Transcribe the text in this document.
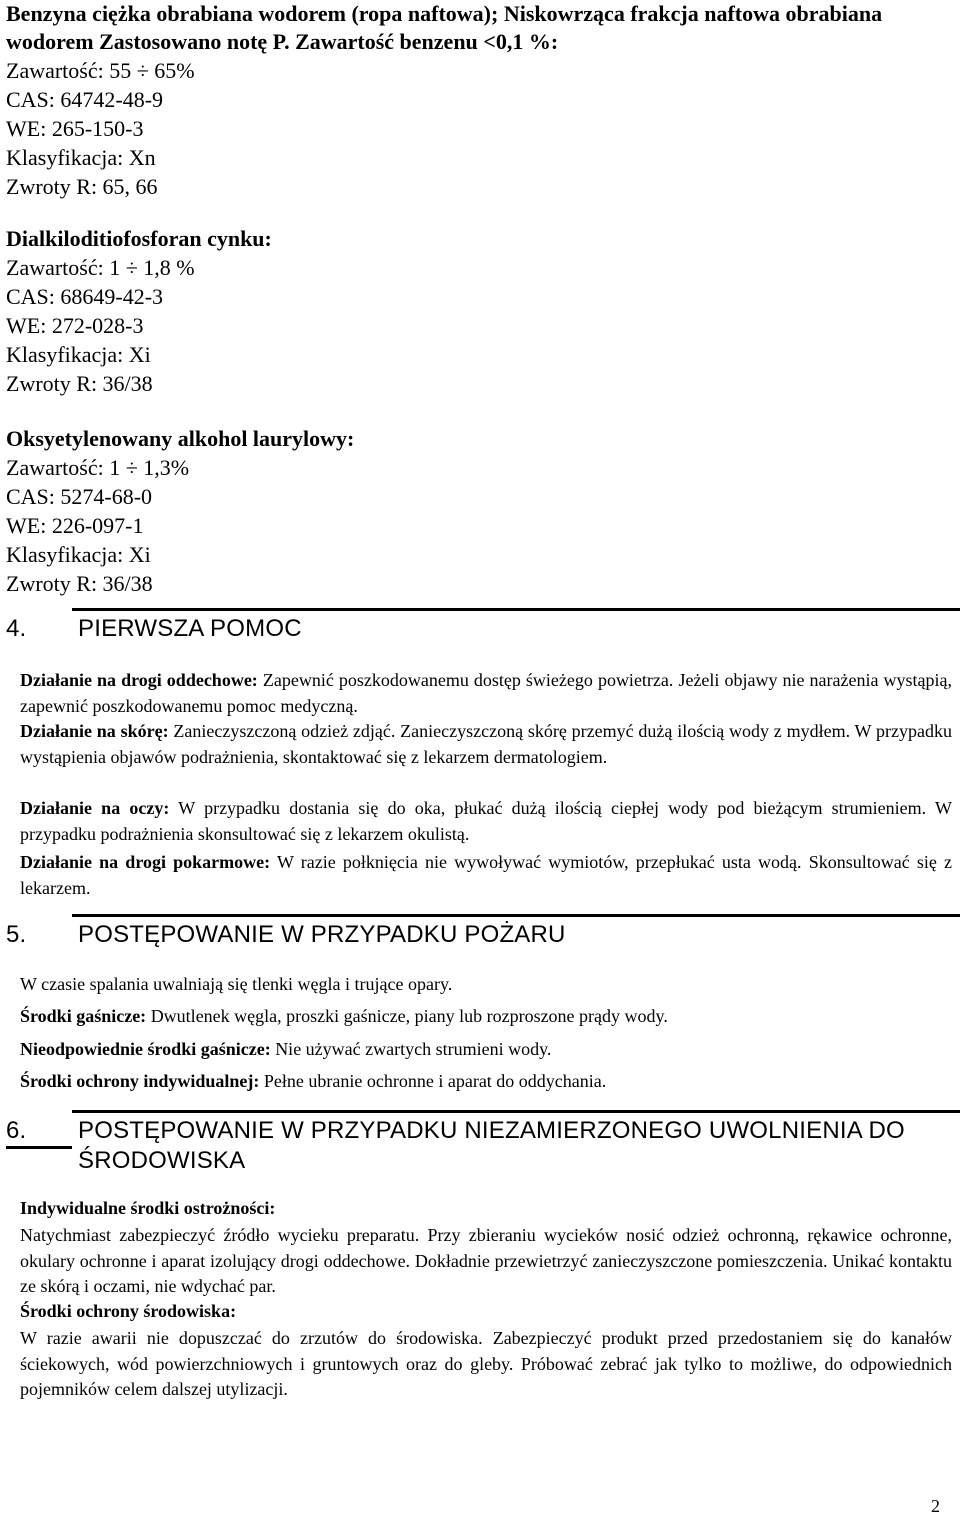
Benzyna ciężka obrabiana wodorem (ropa naftowa); Niskowrząca frakcja naftowa obrabiana wodorem Zastosowano notę P. Zawartość benzenu <0,1 %:
Zawartość: 55 ÷ 65%
CAS: 64742-48-9
WE: 265-150-3
Klasyfikacja: Xn
Zwroty R: 65, 66
Dialkiloditiofosforan cynku:
Zawartość: 1 ÷ 1,8 %
CAS: 68649-42-3
WE: 272-028-3
Klasyfikacja: Xi
Zwroty R: 36/38
Oksyetylenowany alkohol laurylowy:
Zawartość: 1 ÷ 1,3%
CAS: 5274-68-0
WE: 226-097-1
Klasyfikacja: Xi
Zwroty R: 36/38
4. PIERWSZA POMOC
Działanie na drogi oddechowe: Zapewnić poszkodowanemu dostęp świeżego powietrza. Jeżeli objawy nie narażenia wystąpią, zapewnić poszkodowanemu pomoc medyczną.
Działanie na skórę: Zanieczyszczoną odzież zdjąć. Zanieczyszczoną skórę przemyć dużą ilością wody z mydłem. W przypadku wystąpienia objawów podrażnienia, skontaktować się z lekarzem dermatologiem.
Działanie na oczy: W przypadku dostania się do oka, płukać dużą ilością ciepłej wody pod bieżącym strumieniem. W przypadku podrażnienia skonsultować się z lekarzem okulistą.
Działanie na drogi pokarmowe: W razie połknięcia nie wywoływać wymiotów, przepłukać usta wodą. Skonsultować się z lekarzem.
5. POSTĘPOWANIE W PRZYPADKU POŻARU
W czasie spalania uwalniają się tlenki węgla i trujące opary.
Środki gaśnicze: Dwutlenek węgla, proszki gaśnicze, piany lub rozproszone prądy wody.
Nieodpowiednie środki gaśnicze: Nie używać zwartych strumieni wody.
Środki ochrony indywidualnej: Pełne ubranie ochronne i aparat do oddychania.
6. POSTĘPOWANIE W PRZYPADKU NIEZAMIERZONEGO UWOLNIENIA DO
ŚRODOWISKA
Indywidualne środki ostrożności:
Natychmiast zabezpieczyć źródło wycieku preparatu. Przy zbieraniu wycieków nosić odzież ochronną, rękawice ochronne, okulary ochronne i aparat izolujący drogi oddechowe. Dokładnie przewietrzyć zanieczyszczone pomieszczenia. Unikać kontaktu ze skórą i oczami, nie wdychać par.
Środki ochrony środowiska:
W razie awarii nie dopuszczać do zrzutów do środowiska. Zabezpieczyć produkt przed przedostaniem się do kanałów ściekowych, wód powierzchniowych i gruntowych oraz do gleby. Próbować zebrać jak tylko to możliwe, do odpowiednich pojemników celem dalszej utylizacji.
2
